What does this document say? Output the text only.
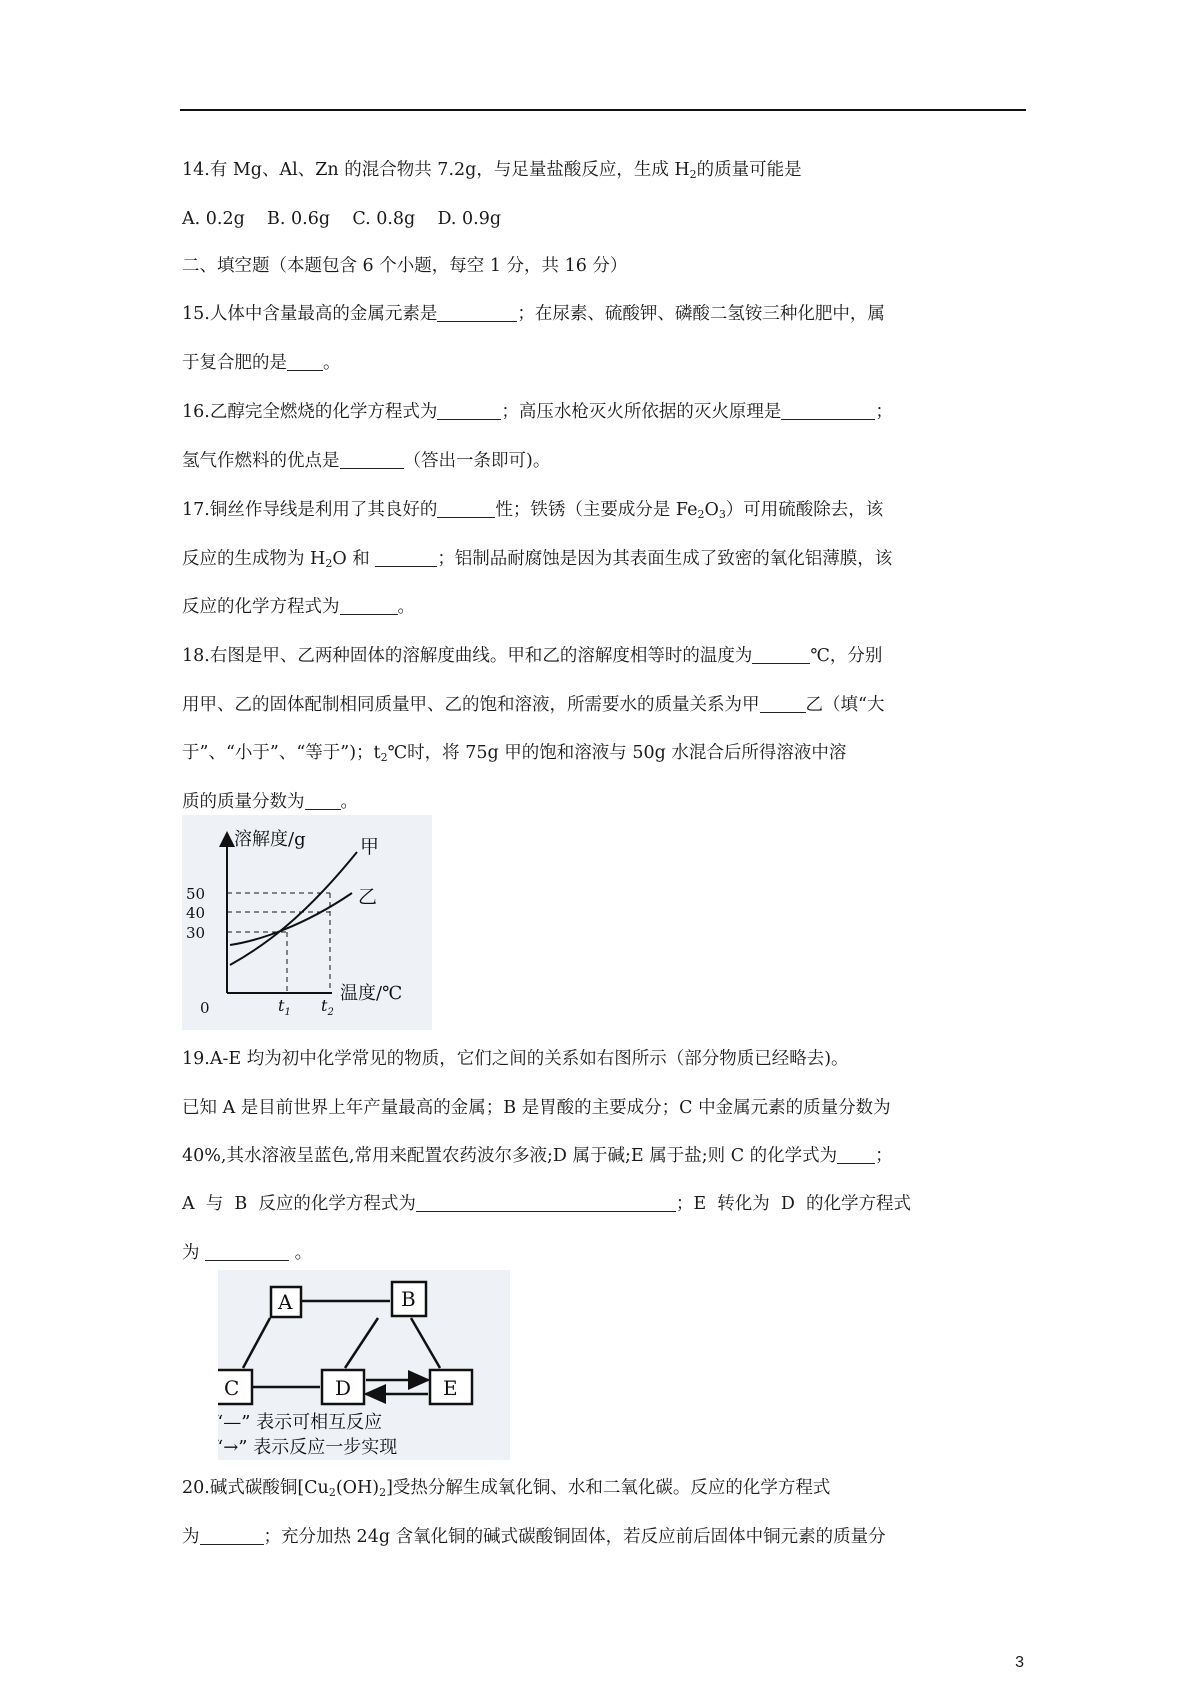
14.有 Mg、Al、Zn 的混合物共 7.2g，与足量盐酸反应，生成 $H_2$的质量可能是
A. 0.2g    B. 0.6g    C. 0.8g    D. 0.9g
二、填空题（本题包含 6 个小题，每空 1 分，共 16 分）
15.人体中含量最高的金属元素是	；在尿素、硫酸钾、磷酸二氢铵三种化肥中，属
于复合肥的是 。
16.乙醇完全燃烧的化学方程式为	；高压水枪灭火所依据的灭火原理是	；
氢气作燃料的优点是	（答出一条即可)。
17.铜丝作导线是利用了其良好的	性；铁锈（主要成分是 $Fe_2O_3$）可用硫酸除去，该
反应的生成物为 $H_2O$ 和	；铝制品耐腐蚀是因为其表面生成了致密的氧化铝薄膜，该
反应的化学方程式为	。
18.右图是甲、乙两种固体的溶解度曲线。甲和乙的溶解度相等时的温度为	℃，分别
用甲、乙的固体配制相同质量甲、乙的饱和溶液，所需要水的质量关系为甲	乙（填“大
于”、“小于”、“等于”)；$t_2℃$时，将 75g 甲的饱和溶液与 50g 水混合后所得溶液中溶
质的质量分数为 。
溶解度/g
温度/℃
甲
乙
50
40
30
0	$t_1$ $t_2$
19.A-E 均为初中化学常见的物质，它们之间的关系如右图所示（部分物质已经略去)。
已知 A 是目前世界上年产量最高的金属；B 是胃酸的主要成分；C 中金属元素的质量分数为
40%,其水溶液呈蓝色,常用来配置农药波尔多液;D 属于碱;E 属于盐;则 C 的化学式为 ；
A  与  B  反应的化学方程式为	；E  转化为  D  的化学方程式
为	。
A	B
C	D	E
“—” 表示可相互反应
“→” 表示反应一步实现
20.碱式碳酸铜$[Cu_2(OH)_2]$受热分解生成氧化铜、水和二氧化碳。反应的化学方程式
为	；充分加热 24g 含氧化铜的碱式碳酸铜固体，若反应前后固体中铜元素的质量分
3
